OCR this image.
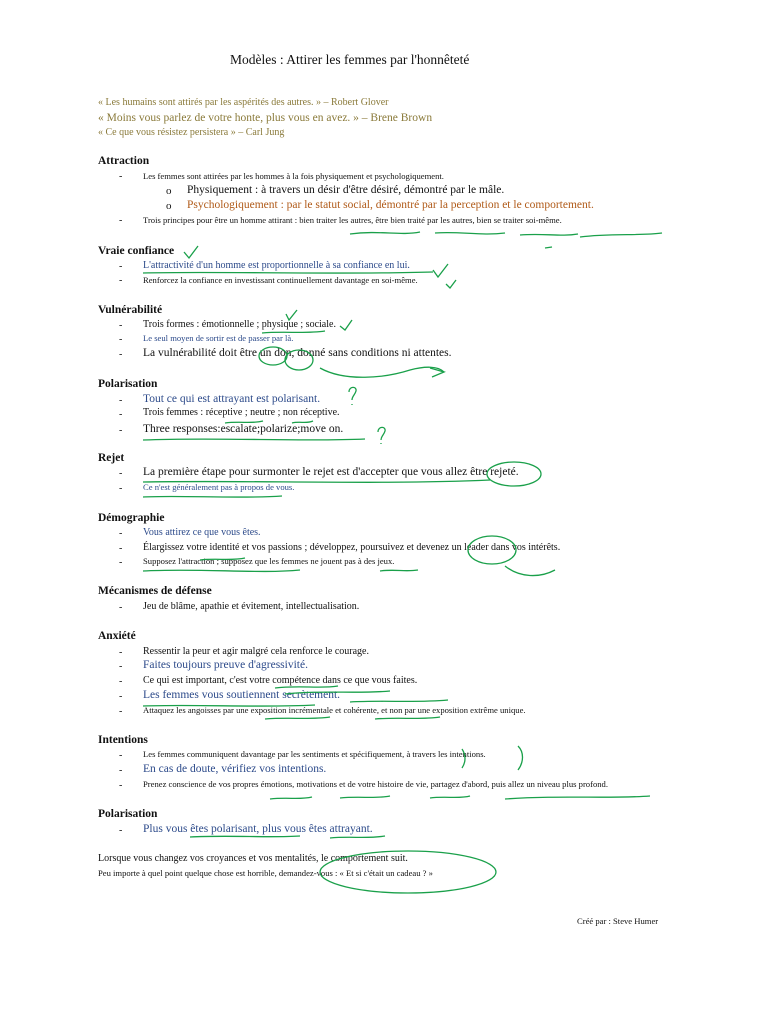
Modèles : Attirer les femmes par l'honnêteté
« Les humains sont attirés par les aspérités des autres. » – Robert Glover
« Moins vous parlez de votre honte, plus vous en avez. » – Brene Brown
« Ce que vous résistez persistera » – Carl Jung
Attraction
- Les femmes sont attirées par les hommes à la fois physiquement et psychologiquement.
o Physiquement : à travers un désir d'être désiré, démontré par le mâle.
o Psychologiquement : par le statut social, démontré par la perception et le comportement.
- Trois principes pour être un homme attirant : bien traiter les autres, être bien traité par les autres, bien se traiter soi-même.
Vraie confiance
- L'attractivité d'un homme est proportionnelle à sa confiance en lui.
- Renforcez la confiance en investissant continuellement davantage en soi-même.
Vulnérabilité
- Trois formes : émotionnelle ; physique ; sociale.
- Le seul moyen de sortir est de passer par là.
- La vulnérabilité doit être un don, donné sans conditions ni attentes.
Polarisation
- Tout ce qui est attrayant est polarisant.
- Trois femmes : réceptive ; neutre ; non réceptive.
- Three responses:escalate;polarize;move on.
Rejet
- La première étape pour surmonter le rejet est d'accepter que vous allez être rejeté.
- Ce n'est généralement pas à propos de vous.
Démographie
- Vous attirez ce que vous êtes.
- Élargissez votre identité et vos passions ; développez, poursuivez et devenez un leader dans vos intérêts.
- Supposez l'attraction ; supposez que les femmes ne jouent pas à des jeux.
Mécanismes de défense
- Jeu de blâme, apathie et évitement, intellectualisation.
Anxiété
- Ressentir la peur et agir malgré cela renforce le courage.
- Faites toujours preuve d'agressivité.
- Ce qui est important, c'est votre compétence dans ce que vous faites.
- Les femmes vous soutiennent secrètement.
- Attaquez les angoisses par une exposition incrémentale et cohérente, et non par une exposition extrême unique.
Intentions
- Les femmes communiquent davantage par les sentiments et spécifiquement, à travers les intentions.
- En cas de doute, vérifiez vos intentions.
- Prenez conscience de vos propres émotions, motivations et de votre histoire de vie, partagez d'abord, puis allez un niveau plus profond.
Polarisation
- Plus vous êtes polarisant, plus vous êtes attrayant.
Lorsque vous changez vos croyances et vos mentalités, le comportement suit.
Peu importe à quel point quelque chose est horrible, demandez-vous : « Et si c'était un cadeau ? »
Créé par : Steve Humer
